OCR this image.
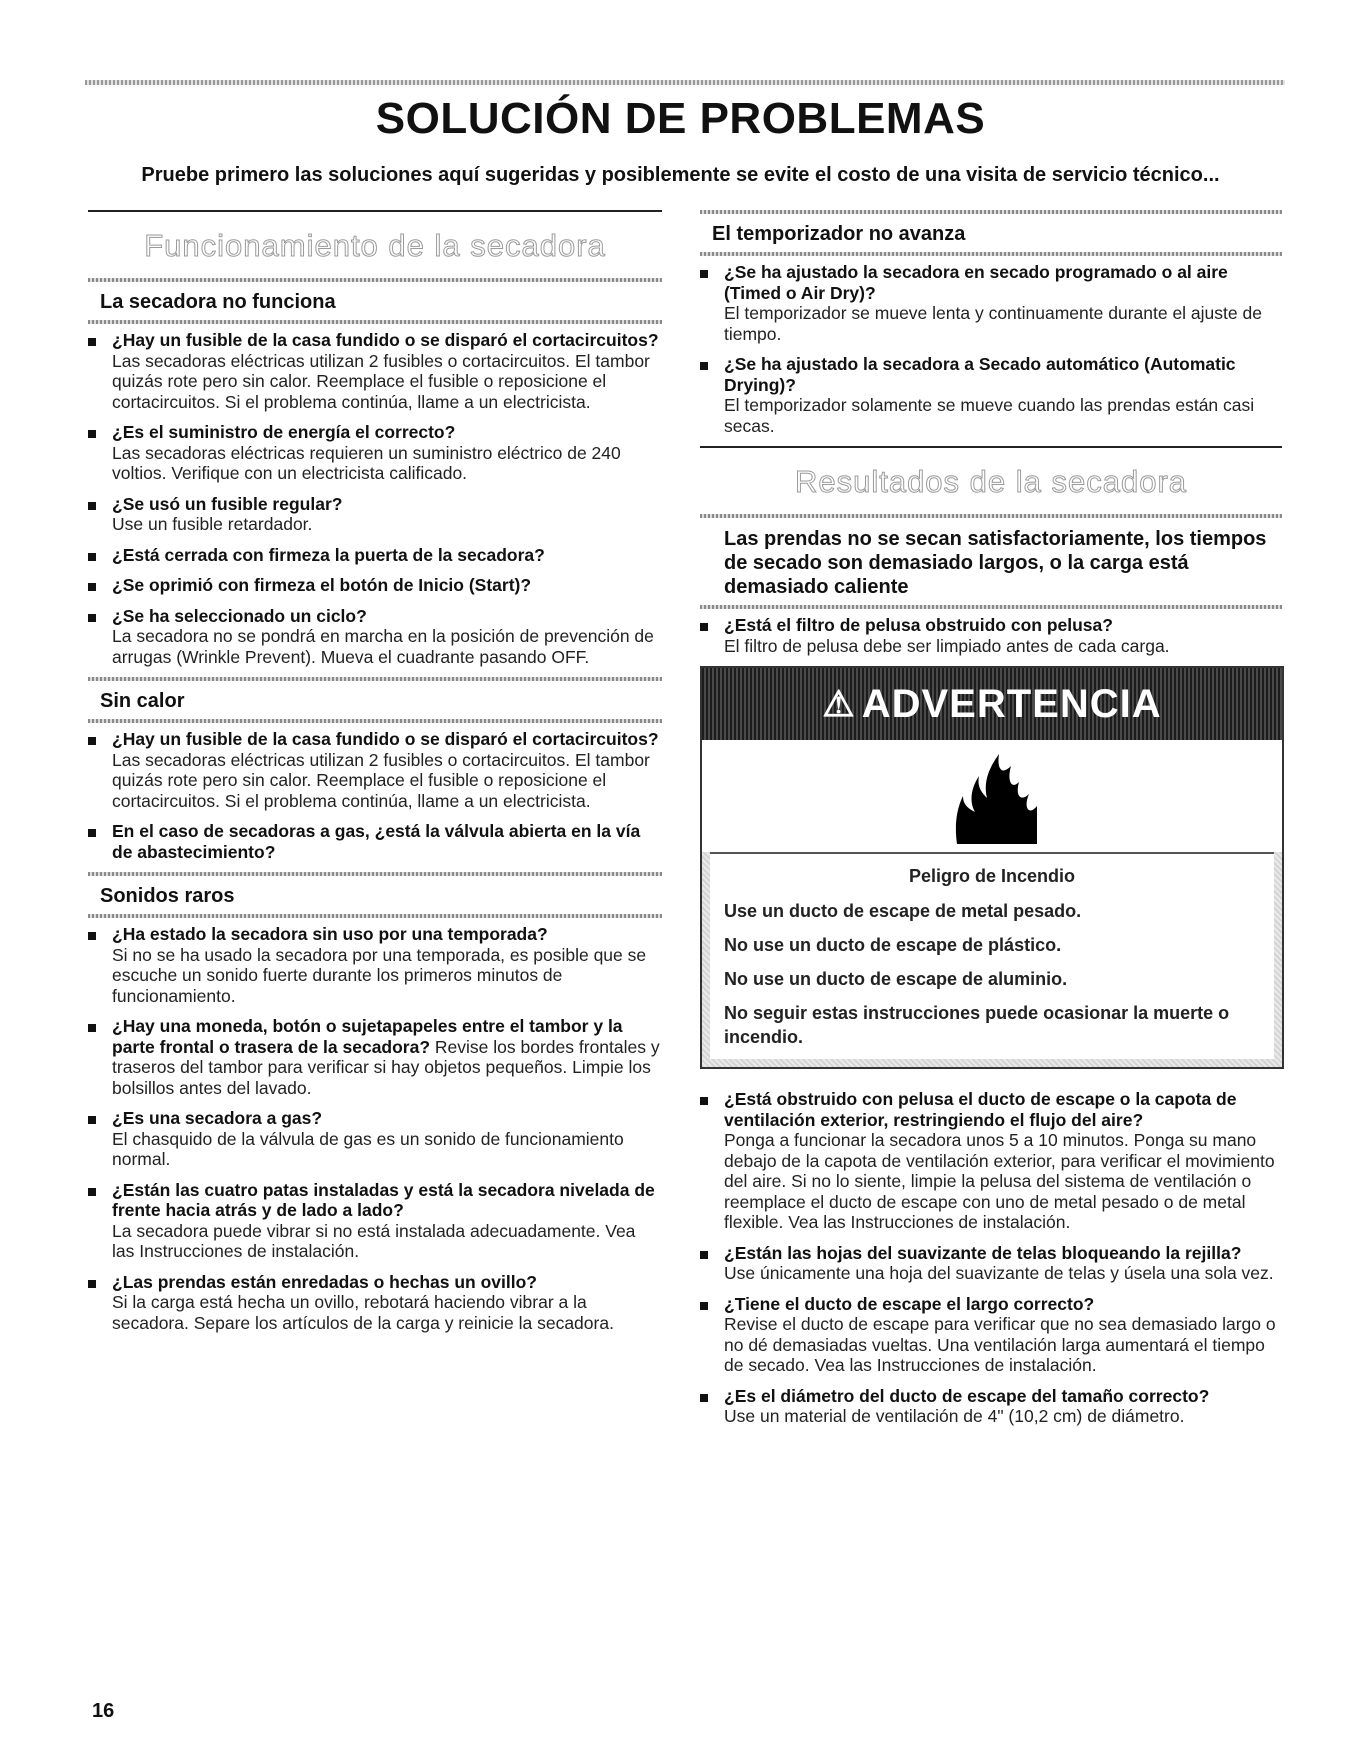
SOLUCIÓN DE PROBLEMAS

Pruebe primero las soluciones aquí sugeridas y posiblemente se evite el costo de una visita de servicio técnico...

Funcionamiento de la secadora
La secadora no funciona
¿Hay un fusible de la casa fundido o se disparó el cortacircuitos?
Las secadoras eléctricas utilizan 2 fusibles o cortacircuitos. El tambor quizás rote pero sin calor. Reemplace el fusible o reposicione el cortacircuitos. Si el problema continúa, llame a un electricista.
¿Es el suministro de energía el correcto?
Las secadoras eléctricas requieren un suministro eléctrico de 240 voltios. Verifique con un electricista calificado.
¿Se usó un fusible regular?
Use un fusible retardador.
¿Está cerrada con firmeza la puerta de la secadora?
¿Se oprimió con firmeza el botón de Inicio (Start)?
¿Se ha seleccionado un ciclo?
La secadora no se pondrá en marcha en la posición de prevención de arrugas (Wrinkle Prevent). Mueva el cuadrante pasando OFF.
Sin calor
¿Hay un fusible de la casa fundido o se disparó el cortacircuitos?
Las secadoras eléctricas utilizan 2 fusibles o cortacircuitos. El tambor quizás rote pero sin calor. Reemplace el fusible o reposicione el cortacircuitos. Si el problema continúa, llame a un electricista.
En el caso de secadoras a gas, ¿está la válvula abierta en la vía de abastecimiento?
Sonidos raros
¿Ha estado la secadora sin uso por una temporada?
Si no se ha usado la secadora por una temporada, es posible que se escuche un sonido fuerte durante los primeros minutos de funcionamiento.
¿Hay una moneda, botón o sujetapapeles entre el tambor y la parte frontal o trasera de la secadora? Revise los bordes frontales y traseros del tambor para verificar si hay objetos pequeños. Limpie los bolsillos antes del lavado.
¿Es una secadora a gas?
El chasquido de la válvula de gas es un sonido de funcionamiento normal.
¿Están las cuatro patas instaladas y está la secadora nivelada de frente hacia atrás y de lado a lado?
La secadora puede vibrar si no está instalada adecuadamente. Vea las Instrucciones de instalación.
¿Las prendas están enredadas o hechas un ovillo?
Si la carga está hecha un ovillo, rebotará haciendo vibrar a la secadora. Separe los artículos de la carga y reinicie la secadora.
El temporizador no avanza
¿Se ha ajustado la secadora en secado programado o al aire (Timed o Air Dry)?
El temporizador se mueve lenta y continuamente durante el ajuste de tiempo.
¿Se ha ajustado la secadora a Secado automático (Automatic Drying)?
El temporizador solamente se mueve cuando las prendas están casi secas.
Resultados de la secadora
Las prendas no se secan satisfactoriamente, los tiempos de secado son demasiado largos, o la carga está demasiado caliente
¿Está el filtro de pelusa obstruido con pelusa?
El filtro de pelusa debe ser limpiado antes de cada carga.
⚠ ADVERTENCIA
Peligro de Incendio
Use un ducto de escape de metal pesado.
No use un ducto de escape de plástico.
No use un ducto de escape de aluminio.
No seguir estas instrucciones puede ocasionar la muerte o incendio.
¿Está obstruido con pelusa el ducto de escape o la capota de ventilación exterior, restringiendo el flujo del aire?
Ponga a funcionar la secadora unos 5 a 10 minutos. Ponga su mano debajo de la capota de ventilación exterior, para verificar el movimiento del aire. Si no lo siente, limpie la pelusa del sistema de ventilación o reemplace el ducto de escape con uno de metal pesado o de metal flexible. Vea las Instrucciones de instalación.
¿Están las hojas del suavizante de telas bloqueando la rejilla?
Use únicamente una hoja del suavizante de telas y úsela una sola vez.
¿Tiene el ducto de escape el largo correcto?
Revise el ducto de escape para verificar que no sea demasiado largo o no dé demasiadas vueltas. Una ventilación larga aumentará el tiempo de secado. Vea las Instrucciones de instalación.
¿Es el diámetro del ducto de escape del tamaño correcto?
Use un material de ventilación de 4" (10,2 cm) de diámetro.
16
